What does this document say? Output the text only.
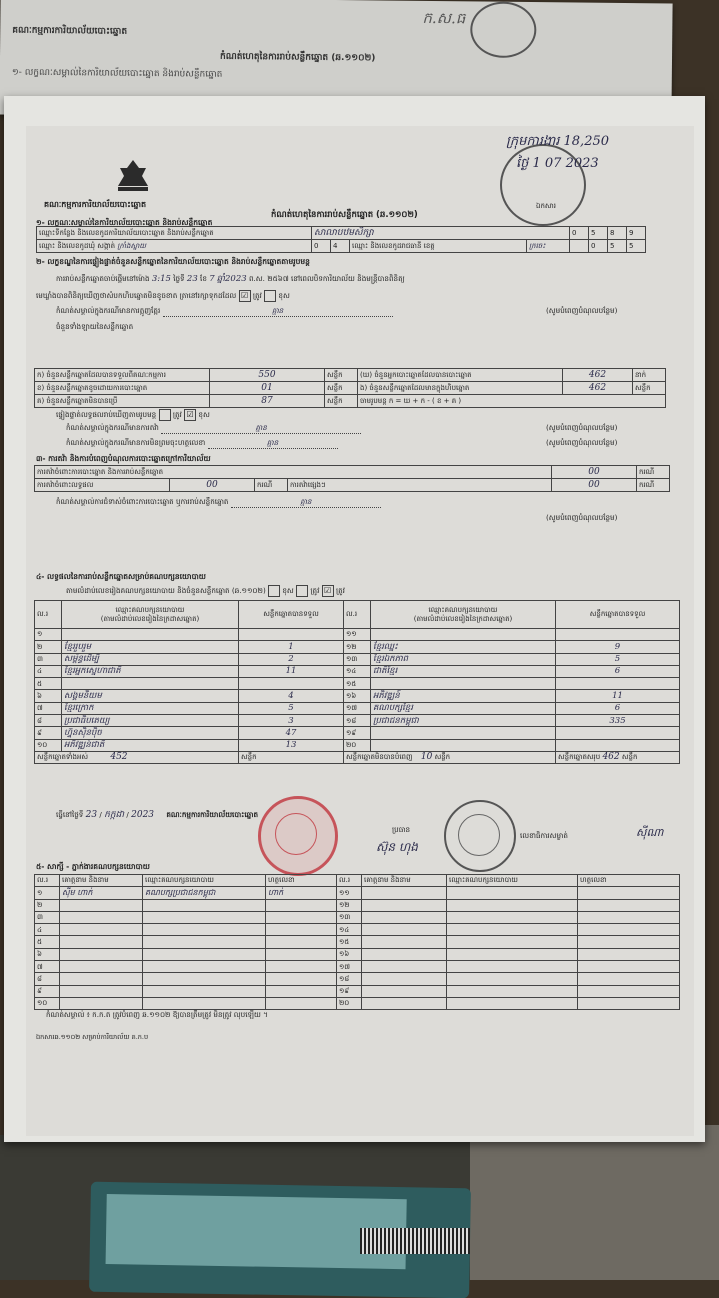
ក.ស.ធ
គណៈកម្មការការិយាល័យបោះឆ្នោត
កំណត់ហេតុនៃការរាប់សន្លឹកឆ្នោត (ឆ.១១០២)
១- លក្ខណៈសម្គាល់នៃការិយាល័យបោះឆ្នោត និងរាប់សន្លឹកឆ្នោត
ក្រុមការងារ 18,250
ថ្ងៃ 1 07 2023
ឯកសារ
គណៈកម្មការការិយាល័យបោះឆ្នោត
កំណត់ហេតុនៃការរាប់សន្លឹកឆ្នោត (ឆ.១១០២)
១- លក្ខណៈសម្គាល់នៃការិយាល័យបោះឆ្នោត និងរាប់សន្លឹកឆ្នោត
ឈ្មោះទីកន្លែង និងលេខកូដការិយាល័យបោះឆ្នោត និងរាប់សន្លឹកឆ្នោត	សាលាបឋមសិក្សា				0	5	8	9
ឈ្មោះ និងលេខកូដឃុំ សង្កាត់ ក្រាំងស្នាយ	0	4	ឈ្មោះ និងលេខកូដរាជធានី ខេត្ត	ក្រចេះ		0	5	5
២- លក្ខខណ្ឌនៃការផ្ទៀងផ្ទាត់ចំនួនសន្លឹកឆ្នោតនៃការិយាល័យបោះឆ្នោត និងរាប់សន្លឹកឆ្នោតតាមរូបមន្ត
ការរាប់សន្លឹកឆ្នោតចាប់ផ្តើមនៅម៉ោង 3:15 ថ្ងៃទី 23 ខែ 7 ឆ្នាំ2023 ព.ស. ២៥៦៧ នៅពេលបិទការិយាល័យ និងមន្ត្រីបានពិនិត្យ
មេឃ្លាំងបានពិនិត្យឃើញថាសំបកហិបឆ្នោតមិនខូចខាត ត្រានៅរក្សាទុកដដែល ☑ ត្រូវ ខុស
កំណត់សម្គាល់ក្នុងករណីមានការត្អូញត្អែរ	គ្មាន	(សូមបំពេញបំណុលបន្ថែម)
ចំនួនទាំងឡាយនៃសន្លឹកឆ្នោត
ក) ចំនួនសន្លឹកឆ្នោតដែលបានទទួលពីគណៈកម្មការ	550	សន្លឹក	(ឃ) ចំនួនអ្នកបោះឆ្នោតដែលបានបោះឆ្នោត	462	នាក់
ខ) ចំនួនសន្លឹកឆ្នោតខូចដោយការបោះឆ្នោត	01	សន្លឹក	ង) ចំនួនសន្លឹកឆ្នោតដែលមានក្នុងហិបឆ្នោត	462	សន្លឹក
គ) ចំនួនសន្លឹកឆ្នោតមិនបានប្រើ	87	សន្លឹក	ចាមរូបមន្ត ក = ឃ + ក - ( ខ + គ )		
ផ្ទៀងផ្ទាត់លទ្ធផលរាប់ឃើញតាមរូបមន្ត ត្រូវ ☑ ខុស
កំណត់សម្គាល់ក្នុងករណីមានការតវ៉ា	គ្មាន	(សូមបំពេញបំណុលបន្ថែម)
កំណត់សម្គាល់ក្នុងករណីមានការមិនព្រមចុះហត្ថលេខា	គ្មាន	(សូមបំពេញបំណុលបន្ថែម)
៣- ការតវ៉ា និងការបំពេញបំណុលការបោះឆ្នោតក្រៅការិយាល័យ
ការតវ៉ាចំពោះការបោះឆ្នោត និងការរាប់សន្លឹកឆ្នោត				00	ករណី
ការតវ៉ាចំពោះលទ្ធផល	00	ករណី	ការតវ៉ាផ្សេងៗ	00	ករណី
កំណត់សម្គាល់ការជំទាស់ចំពោះការបោះឆ្នោត ឬការរាប់សន្លឹកឆ្នោត	គ្មាន
(សូមបំពេញបំណុលបន្ថែម)
៤- លទ្ធផលនៃការរាប់សន្លឹកឆ្នោតសម្រាប់គណបក្សនយោបាយ
តាមលំដាប់លេខរៀងគណបក្សនយោបាយ និងចំនួនសន្លឹកឆ្នោត (ឆ.១១០២) ខុស ត្រូវ ☑ ត្រូវ
ល.រ	ឈ្មោះគណបក្សនយោបាយ
(តាមលំដាប់លេខរៀងនៃក្រដាសឆ្នោត)	សន្លឹកឆ្នោតបានទទួល	ល.រ	ឈ្មោះគណបក្សនយោបាយ
(តាមលំដាប់លេខរៀងនៃក្រដាសឆ្នោត)	សន្លឹកឆ្នោតបានទទួល
១			១១		
២	ខ្មែររួបរួម	1	១២	ខ្មែរឈ្នះ	9
៣	សម្ព័ន្ធដើម្បី	2	១៣	ខ្មែរឯកភាព	5
៤	ខ្មែរអ្នកស្នេហាជាតិ	11	១៤	ជាតិខ្មែរ	6
៥			១៥		
៦	សង្គមនិយម	4	១៦	អភិវឌ្ឍន៍	11
៧	ខ្មែរក្រោក	5	១៧	គណបក្សខ្មែរ	6
៨	ប្រជាធិបតេយ្យ	3	១៨	ប្រជាជនកម្ពុជា	335
៩	ហ្វ៊ុនស៊ិនប៉ិច	47	១៩		
១០	អភិវឌ្ឍន៍ជាតិ	13	២០		
សន្លឹកឆ្នោតទាំងអស់ 452		សន្លឹក	សន្លឹកឆ្នោតមិនបានបំពេញ 10 សន្លឹក		សន្លឹកឆ្នោតសរុប 462 សន្លឹក
ធ្វើនៅថ្ងៃទី 23 / កក្កដា / 2023 គណៈកម្មការការិយាល័យបោះឆ្នោត
ប្រធាន
ស៊ុន ហុង
លេខាធិការសម្ងាត់	ស៊ីណា
៥- សាក្សី - ភ្នាក់ងារគណបក្សនយោបាយ
ល.រ	គោត្តនាម និងនាម	ឈ្មោះគណបក្សនយោបាយ	ហត្ថលេខា	ល.រ	គោត្តនាម និងនាម	ឈ្មោះគណបក្សនយោបាយ	ហត្ថលេខា
១	ស៊ីម ហាក់	គណបក្សប្រជាជនកម្ពុជា	ហាក់	១១			
២				១២			
៣				១៣			
៤				១៤			
៥				១៥			
៦				១៦			
៧				១៧			
៨				១៨			
៩				១៩			
១០				២០			
កំណត់សម្គាល់ ៖ ក.ក.ត ត្រូវបំពេញ ឆ.១១០២ ឱ្យបានត្រឹមត្រូវ មិនត្រូវ លុបឡើយ ។
ឯកសារឆ.១១០២ សម្រាប់ការិយាល័យ គ.ក.ប
